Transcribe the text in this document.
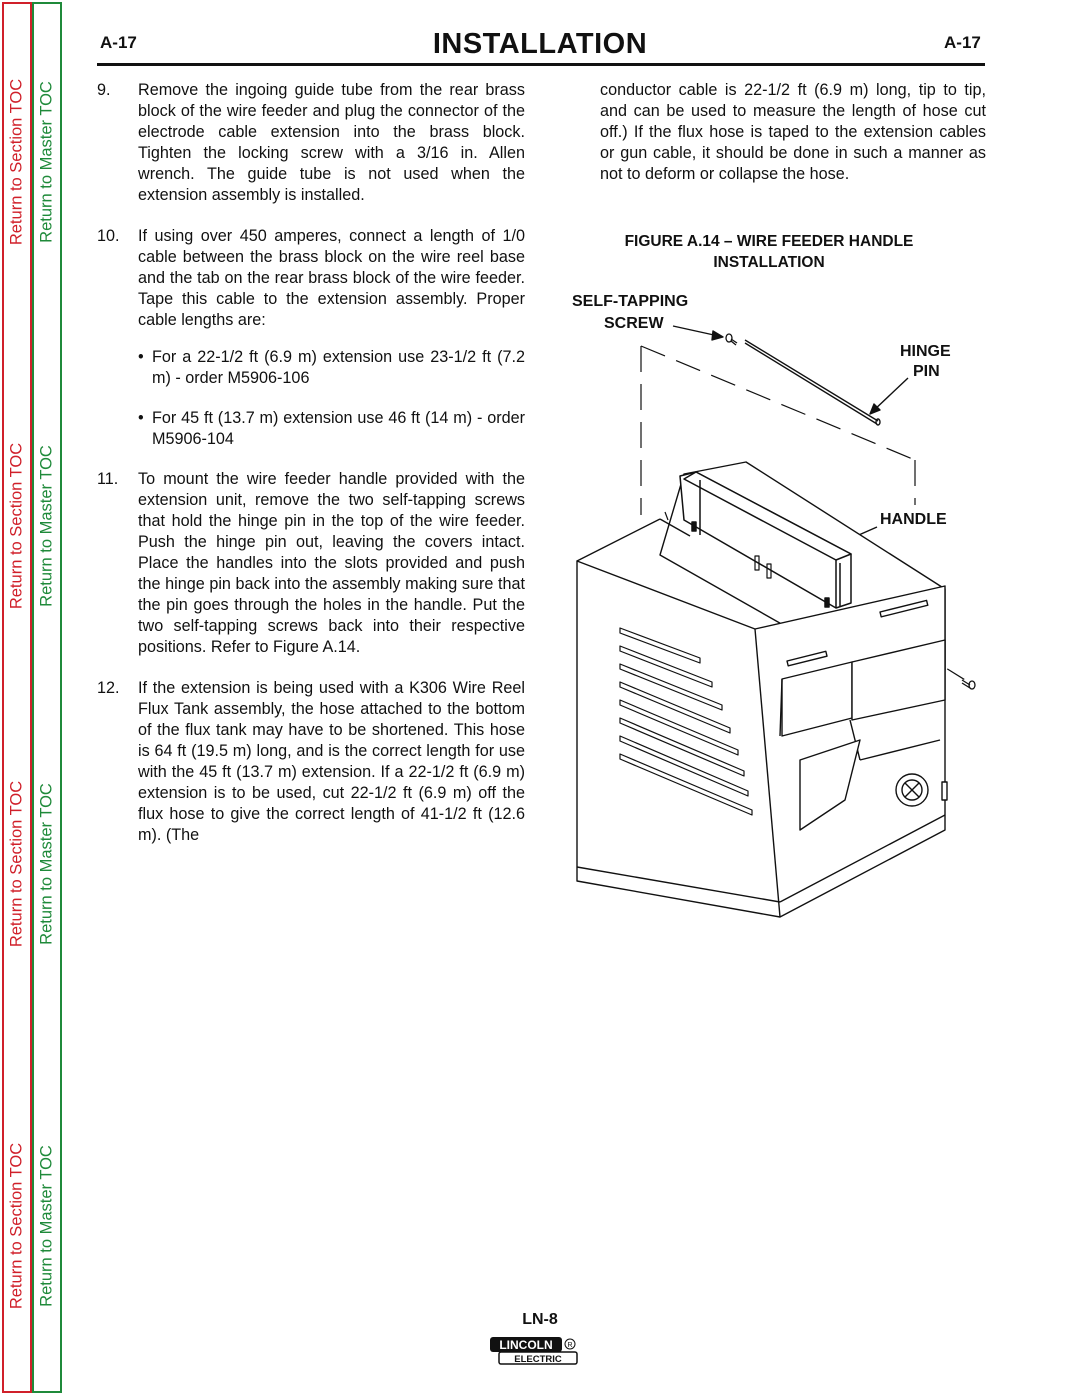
Return to Section TOC
Return to Section TOC
Return to Section TOC
Return to Section TOC
Return to Master TOC
Return to Master TOC
Return to Master TOC
Return to Master TOC
A-17	INSTALLATION	A-17
9.	Remove the ingoing guide tube from the rear brass block of the wire feeder and plug the connector of the electrode cable extension into the brass block. Tighten the locking screw with a 3/16 in. Allen wrench. The guide tube is not used when the extension assembly is installed.
10.	If using over 450 amperes, connect a length of 1/0 cable between the brass block on the wire reel base and the tab on the rear brass block of the wire feeder. Tape this cable to the extension assembly. Proper cable lengths are:
• For a 22-1/2 ft (6.9 m) extension use 23-1/2 ft (7.2 m) - order M5906-106
• For 45 ft (13.7 m) extension use 46 ft (14 m) - order M5906-104
11.	To mount the wire feeder handle provided with the extension unit, remove the two self-tapping screws that hold the hinge pin in the top of the wire feeder. Push the hinge pin out, leaving the covers intact. Place the handles into the slots provided and push the hinge pin back into the assembly making sure that the pin goes through the holes in the handle. Put the two self-tapping screws back into their respective positions. Refer to Figure A.14.
12.	If the extension is being used with a K306 Wire Reel Flux Tank assembly, the hose attached to the bottom of the flux tank may have to be shortened. This hose is 64 ft (19.5 m) long, and is the correct length for use with the 45 ft (13.7 m) extension. If a 22-1/2 ft (6.9 m) extension is to be used, cut 22-1/2 ft (6.9 m) off the flux hose to give the correct length of 41-1/2 ft (12.6 m). (The

conductor cable is 22-1/2 ft (6.9 m) long, tip to tip, and can be used to measure the length of hose cut off.) If the flux hose is taped to the extension cables or gun cable, it should be done in such a manner as not to deform or collapse the hose.

FIGURE A.14 – WIRE FEEDER HANDLE
INSTALLATION
SELF-TAPPING
SCREW
HINGE
PIN
HANDLE
LN-8
LINCOLN R
ELECTRIC
